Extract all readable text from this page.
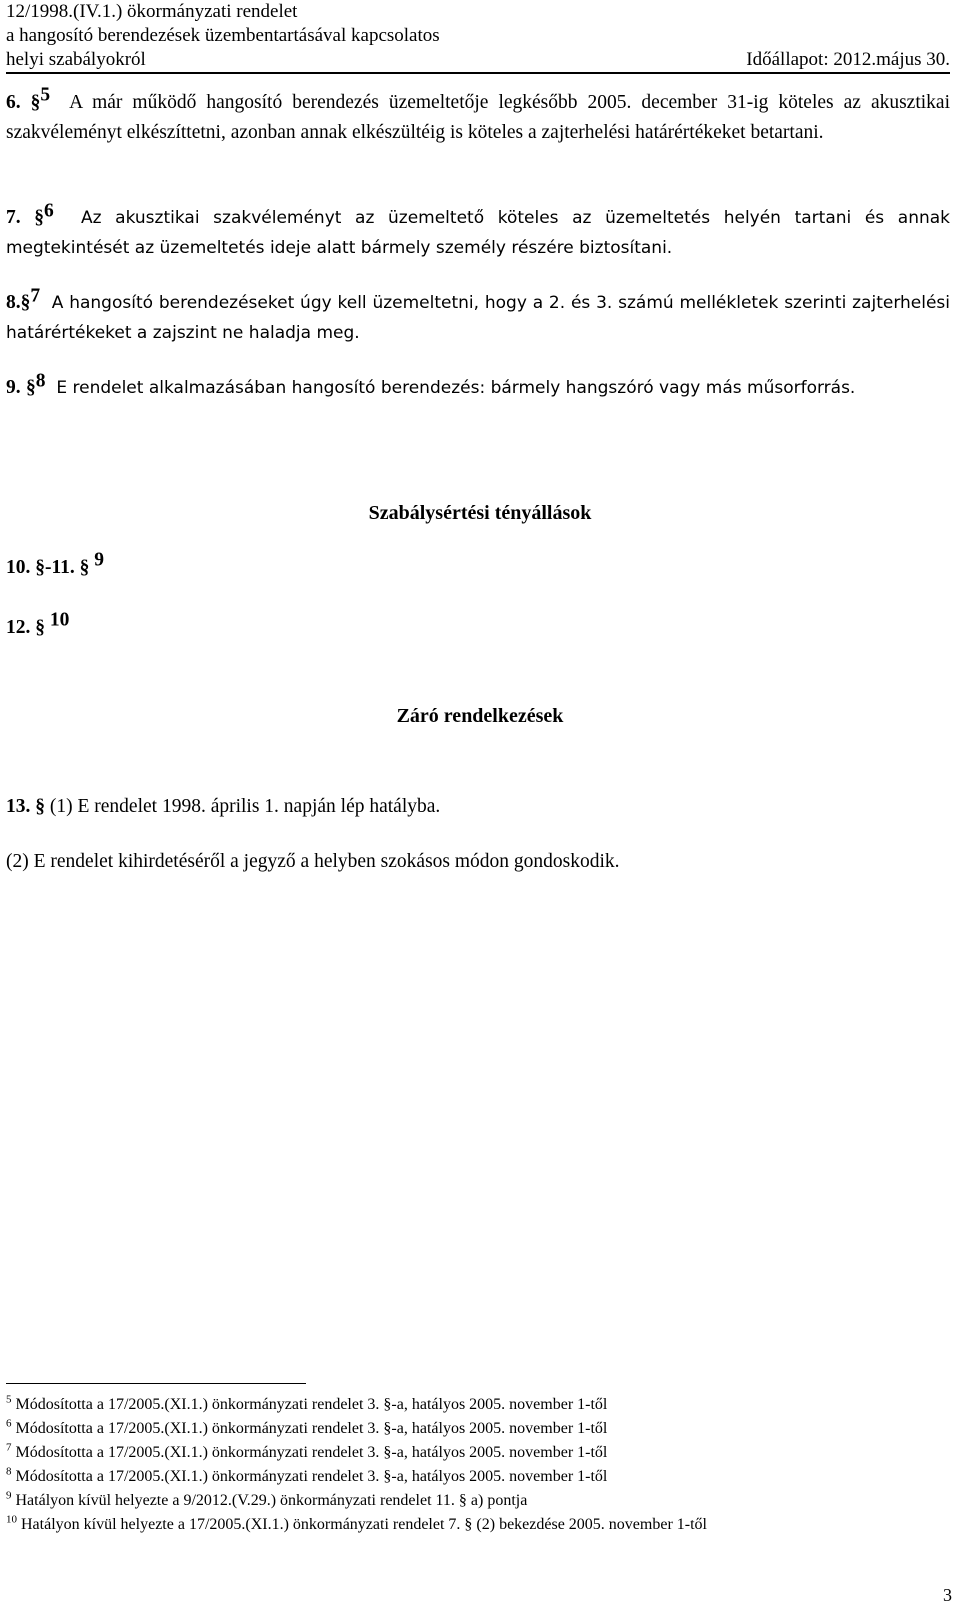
12/1998.(IV.1.) ökormányzati rendelet
a hangosító berendezések üzembentartásával kapcsolatos
helyi szabályokról	Időállapot: 2012.május 30.
6. §$^5$ A már működő hangosító berendezés üzemeltetője legkésőbb 2005. december 31-ig köteles az akusztikai szakvéleményt elkészíttetni, azonban annak elkészültéig is köteles a zajterhelési határértékeket betartani.
7. §$^6$ Az akusztikai szakvéleményt az üzemeltető köteles az üzemeltetés helyén tartani és annak megtekintését az üzemeltetés ideje alatt bármely személy részére biztosítani.
8.§$^7$ A hangosító berendezéseket úgy kell üzemeltetni, hogy a 2. és 3. számú mellékletek szerinti zajterhelési határértékeket a zajszint ne haladja meg.
9. §$^8$ E rendelet alkalmazásában hangosító berendezés: bármely hangszóró vagy más műsorforrás.
Szabálysértési tényállások
10. §-11. § $^9$
12. § $^{10}$
Záró rendelkezések
13. § (1) E rendelet 1998. április 1. napján lép hatályba.
(2) E rendelet kihirdetéséről a jegyző a helyben szokásos módon gondoskodik.
$^5$ Módosította a 17/2005.(XI.1.) önkormányzati rendelet 3. §-a, hatályos 2005. november 1-től
$^6$ Módosította a 17/2005.(XI.1.) önkormányzati rendelet 3. §-a, hatályos 2005. november 1-től
$^7$ Módosította a 17/2005.(XI.1.) önkormányzati rendelet 3. §-a, hatályos 2005. november 1-től
$^8$ Módosította a 17/2005.(XI.1.) önkormányzati rendelet 3. §-a, hatályos 2005. november 1-től
$^9$ Hatályon kívül helyezte a 9/2012.(V.29.) önkormányzati rendelet 11. § a) pontja
$^{10}$ Hatályon kívül helyezte a 17/2005.(XI.1.) önkormányzati rendelet 7. § (2) bekezdése 2005. november 1-től
3
